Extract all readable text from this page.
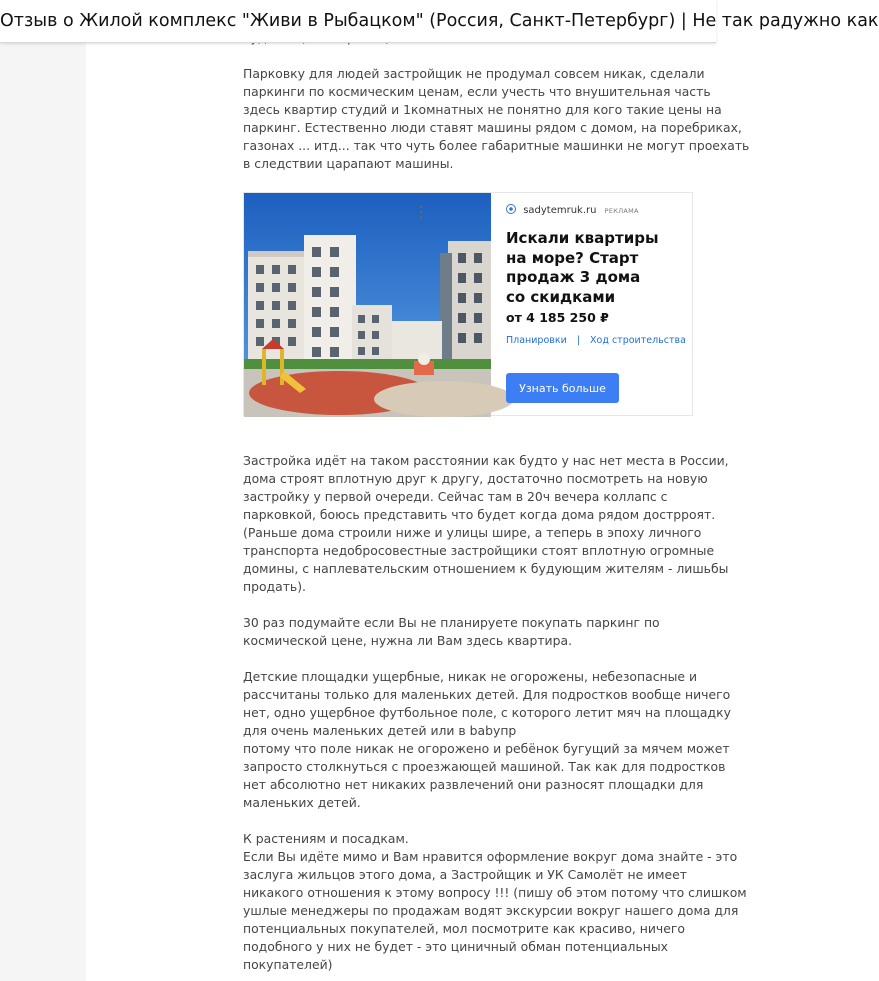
Отзыв о Жилой комплекс "Живи в Рыбацком" (Россия, Санкт-Петербург) | Не так радужно как

Парковку для людей застройщик не продумал совсем никак, сделали
паркинги по космическим ценам, если учесть что внушительная часть
здесь квартир студий и 1комнатных не понятно для кого такие цены на
паркинг. Естественно люди ставят машины рядом с домом, на поребриках,
газонах ... итд... так что чуть более габаритные машинки не могут проехать
в следствии царапают машины.

Застройка идёт на таком расстоянии как будто у нас нет места в России,
дома строят вплотную друг к другу, достаточно посмотреть на новую
застройку у первой очереди. Сейчас там в 20ч вечера коллапс с
парковкой, боюсь представить что будет когда дома рядом дострроят.
(Раньше дома строили ниже и улицы шире, а теперь в эпоху личного
транспорта недобросовестные застройщики стоят вплотную огромные
домины, с наплевательским отношением к будующим жителям - лишьбы
продать).

30 раз подумайте если Вы не планируете покупать паркинг по
космической цене, нужна ли Вам здесь квартира.

Детские площадки ущербные, никак не огорожены, небезопасные и
рассчитаны только для маленьких детей. Для подростков вообще ничего
нет, одно ущербное футбольное поле, с которого летит мяч на площадку
для очень маленьких детей или в babyпр
потому что поле никак не огорожено и ребёнок бугущий за мячем может
запросто столкнуться с проезжающей машиной. Так как для подростков
нет абсолютно нет никаких развлечений они разносят площадки для
маленьких детей.

К растениям и посадкам.
Если Вы идёте мимо и Вам нравится оформление вокруг дома знайте - это
заслуга жильцов этого дома, а Застройщик и УК Самолёт не имеет
никакого отношения к этому вопросу !!! (пишу об этом потому что слишком
ушлые менеджеры по продажам водят экскурсии вокруг нашего дома для
потенциальных покупателей, мол посмотрите как красиво, ничего
подобного у них не будет - это циничный обман потенциальных
покупателей)

sadytemruk.ru РЕКЛАМА

Искали квартиры
на море? Старт
продаж 3 дома
со скидками

от 4 185 250 ₽
Планировки | Ход строительства
Узнать больше
